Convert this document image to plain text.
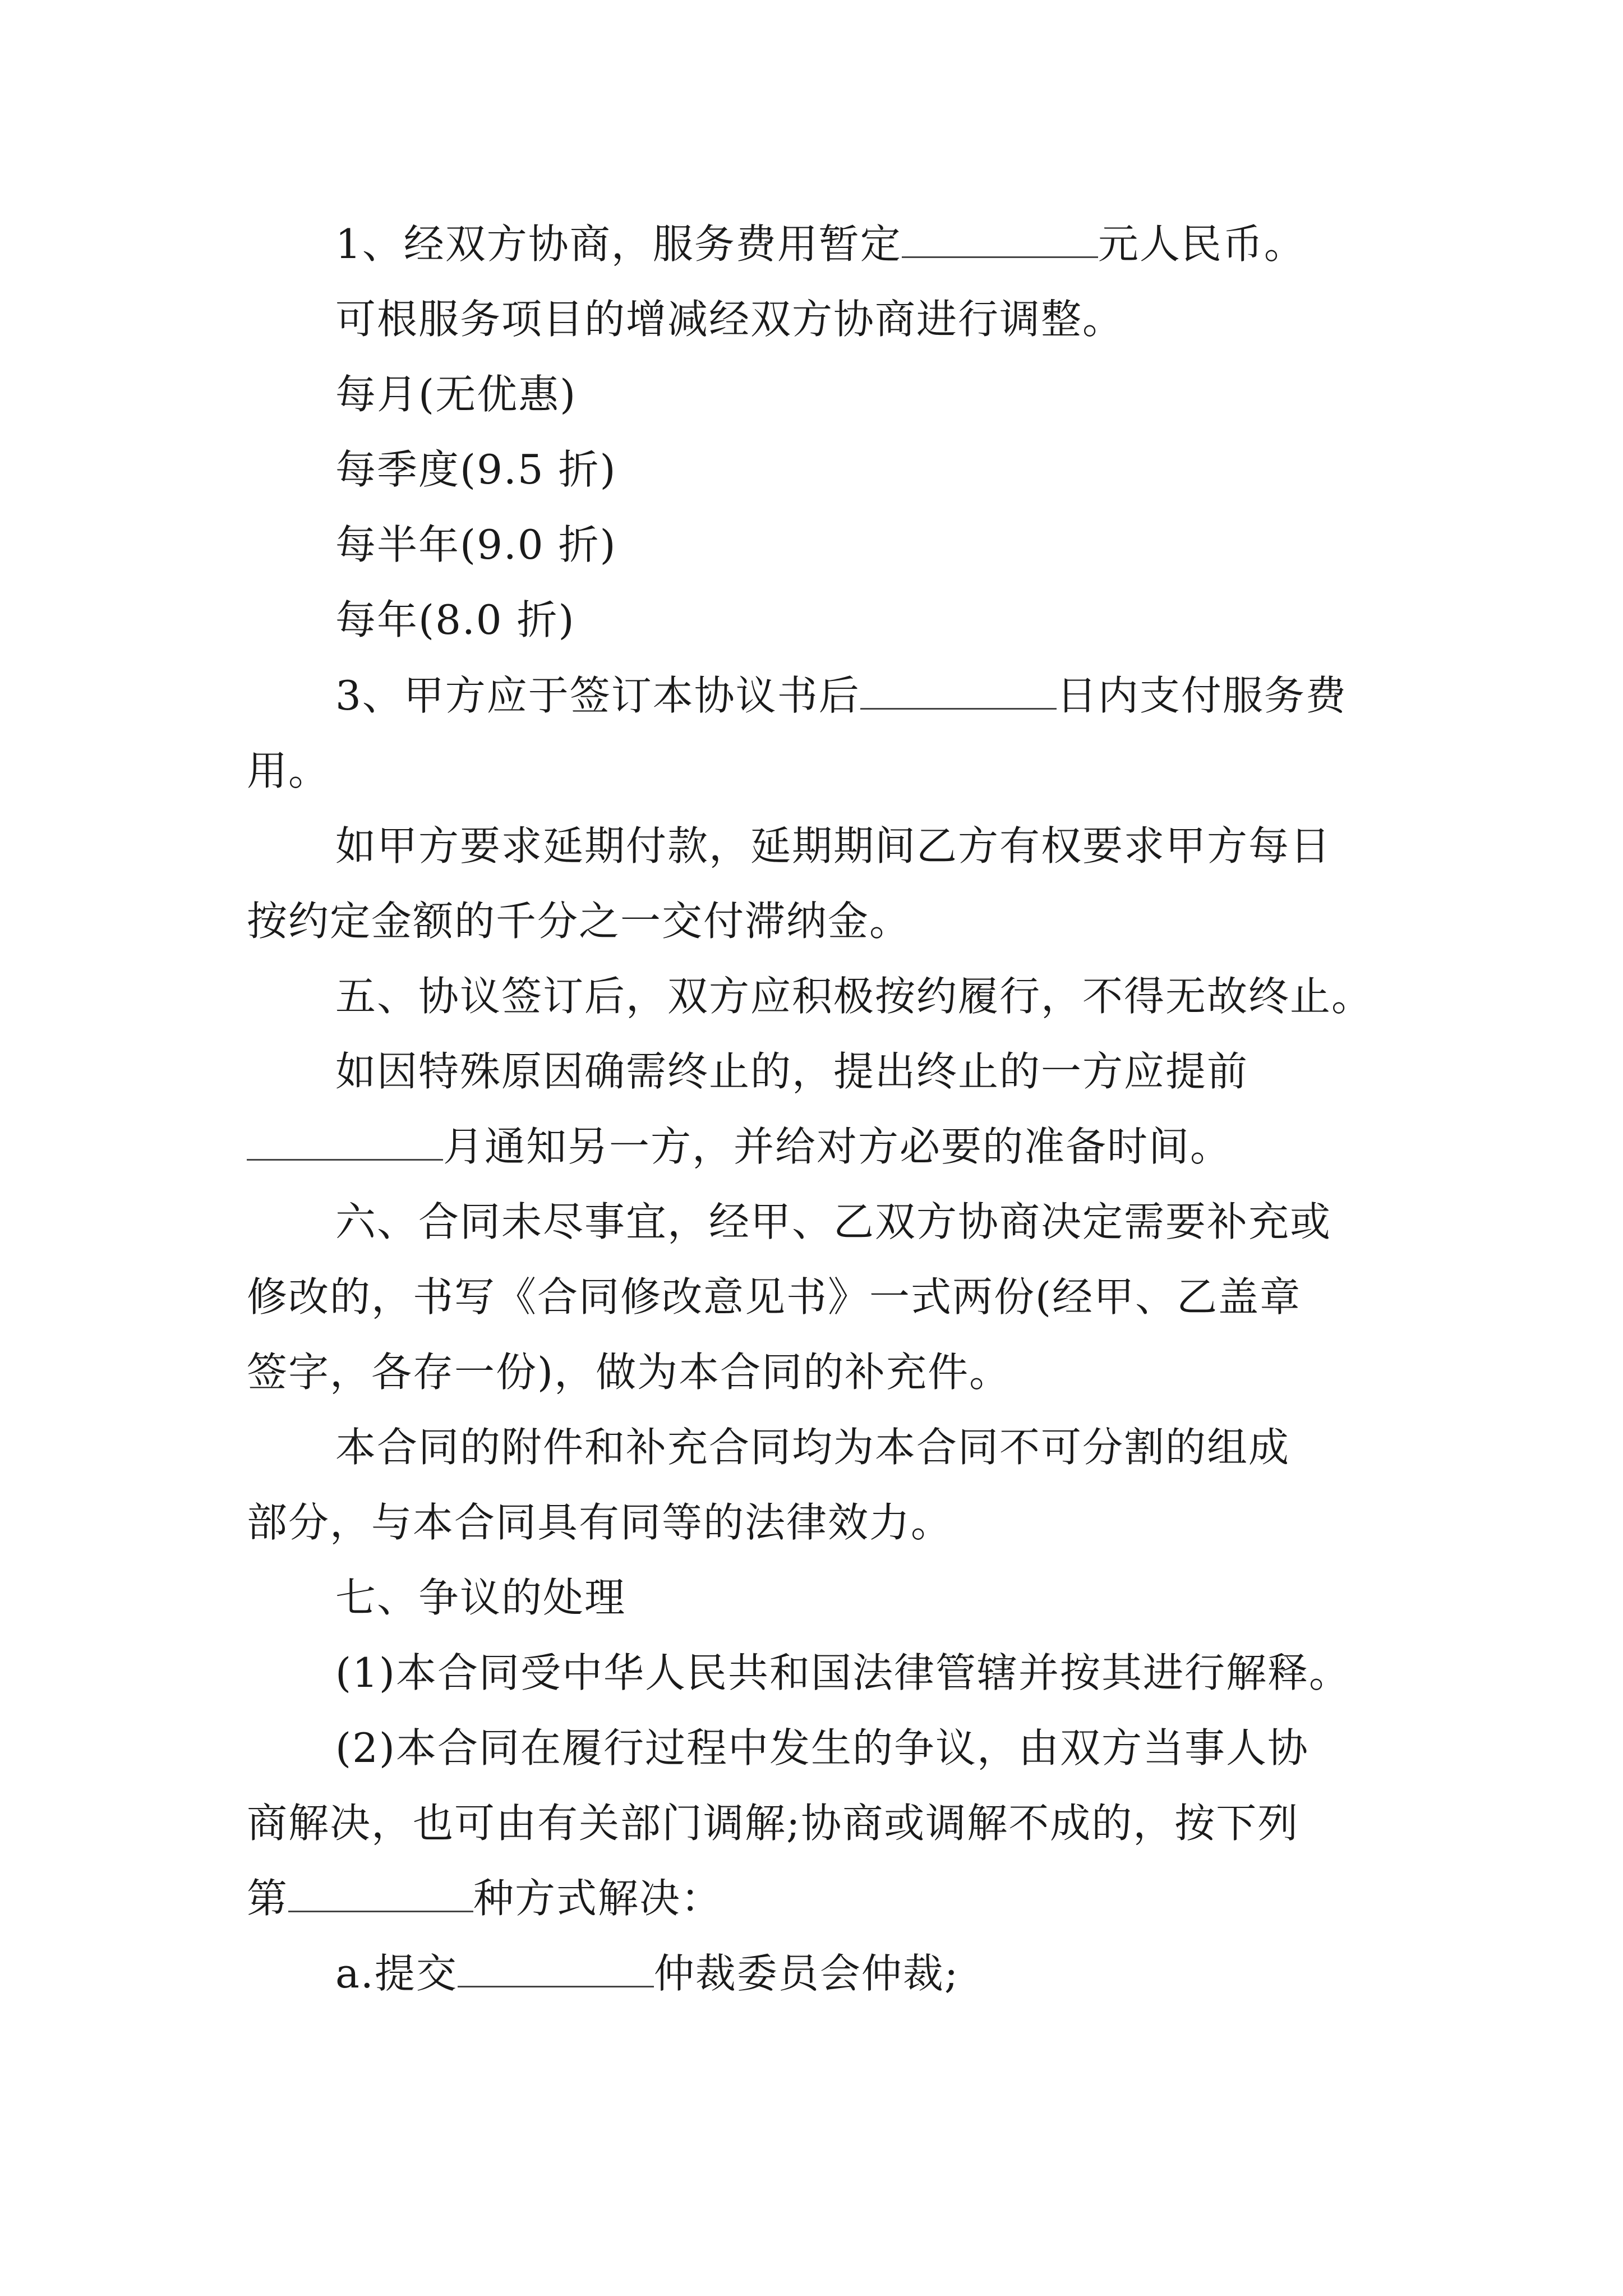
1、经双方协商，服务费用暂定	元人民币。
可根服务项目的增减经双方协商进行调整。
每月(无优惠)
每季度(9.5 折)
每半年(9.0 折)
每年(8.0 折)
3、甲方应于签订本协议书后	日内支付服务费
用。
如甲方要求延期付款，延期期间乙方有权要求甲方每日
按约定金额的千分之一交付滞纳金。
五、协议签订后，双方应积极按约履行，不得无故终止。
如因特殊原因确需终止的，提出终止的一方应提前
月通知另一方，并给对方必要的准备时间。
六、合同未尽事宜，经甲、乙双方协商决定需要补充或
修改的，书写《合同修改意见书》一式两份(经甲、乙盖章
签字，各存一份)，做为本合同的补充件。
本合同的附件和补充合同均为本合同不可分割的组成
部分，与本合同具有同等的法律效力。
七、争议的处理
(1)本合同受中华人民共和国法律管辖并按其进行解释。
(2)本合同在履行过程中发生的争议，由双方当事人协
商解决，也可由有关部门调解;协商或调解不成的，按下列
第	种方式解决：
a.提交	仲裁委员会仲裁;
